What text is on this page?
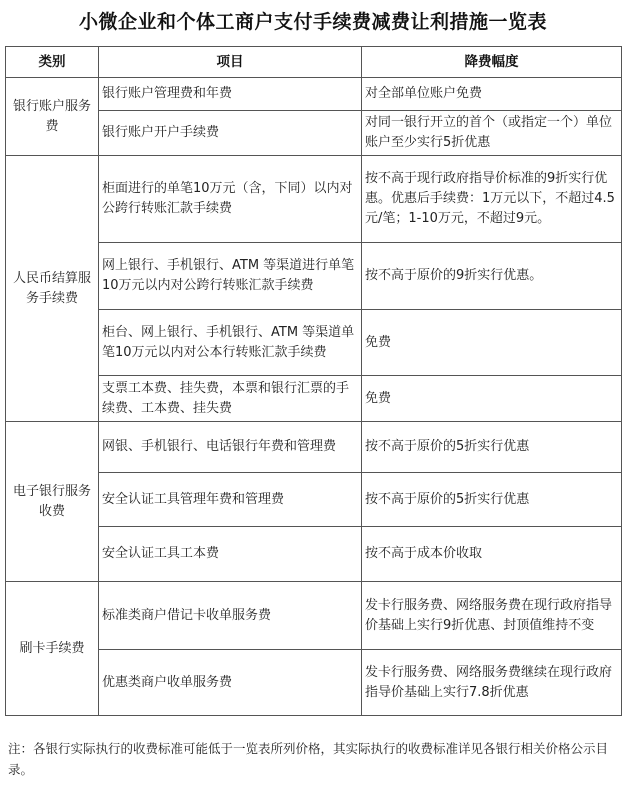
小微企业和个体工商户支付手续费减费让利措施一览表
类别	项目	降费幅度
银行账户服务费	银行账户管理费和年费	对全部单位账户免费
	银行账户开户手续费	对同一银行开立的首个（或指定一个）单位账户至少实行5折优惠
人民币结算服务手续费	柜面进行的单笔10万元（含，下同）以内对公跨行转账汇款手续费	按不高于现行政府指导价标准的9折实行优惠。优惠后手续费：1万元以下，不超过4.5元/笔；1-10万元，不超过9元。
	网上银行、手机银行、ATM 等渠道进行单笔10万元以内对公跨行转账汇款手续费	按不高于原价的9折实行优惠。
	柜台、网上银行、手机银行、ATM 等渠道单笔10万元以内对公本行转账汇款手续费	免费
	支票工本费、挂失费，本票和银行汇票的手续费、工本费、挂失费	免费
电子银行服务收费	网银、手机银行、电话银行年费和管理费	按不高于原价的5折实行优惠
	安全认证工具管理年费和管理费	按不高于原价的5折实行优惠
	安全认证工具工本费	按不高于成本价收取
刷卡手续费	标准类商户借记卡收单服务费	发卡行服务费、网络服务费在现行政府指导价基础上实行9折优惠、封顶值维持不变
	优惠类商户收单服务费	发卡行服务费、网络服务费继续在现行政府指导价基础上实行7.8折优惠
注：各银行实际执行的收费标准可能低于一览表所列价格，其实际执行的收费标准详见各银行相关价格公示目录。
